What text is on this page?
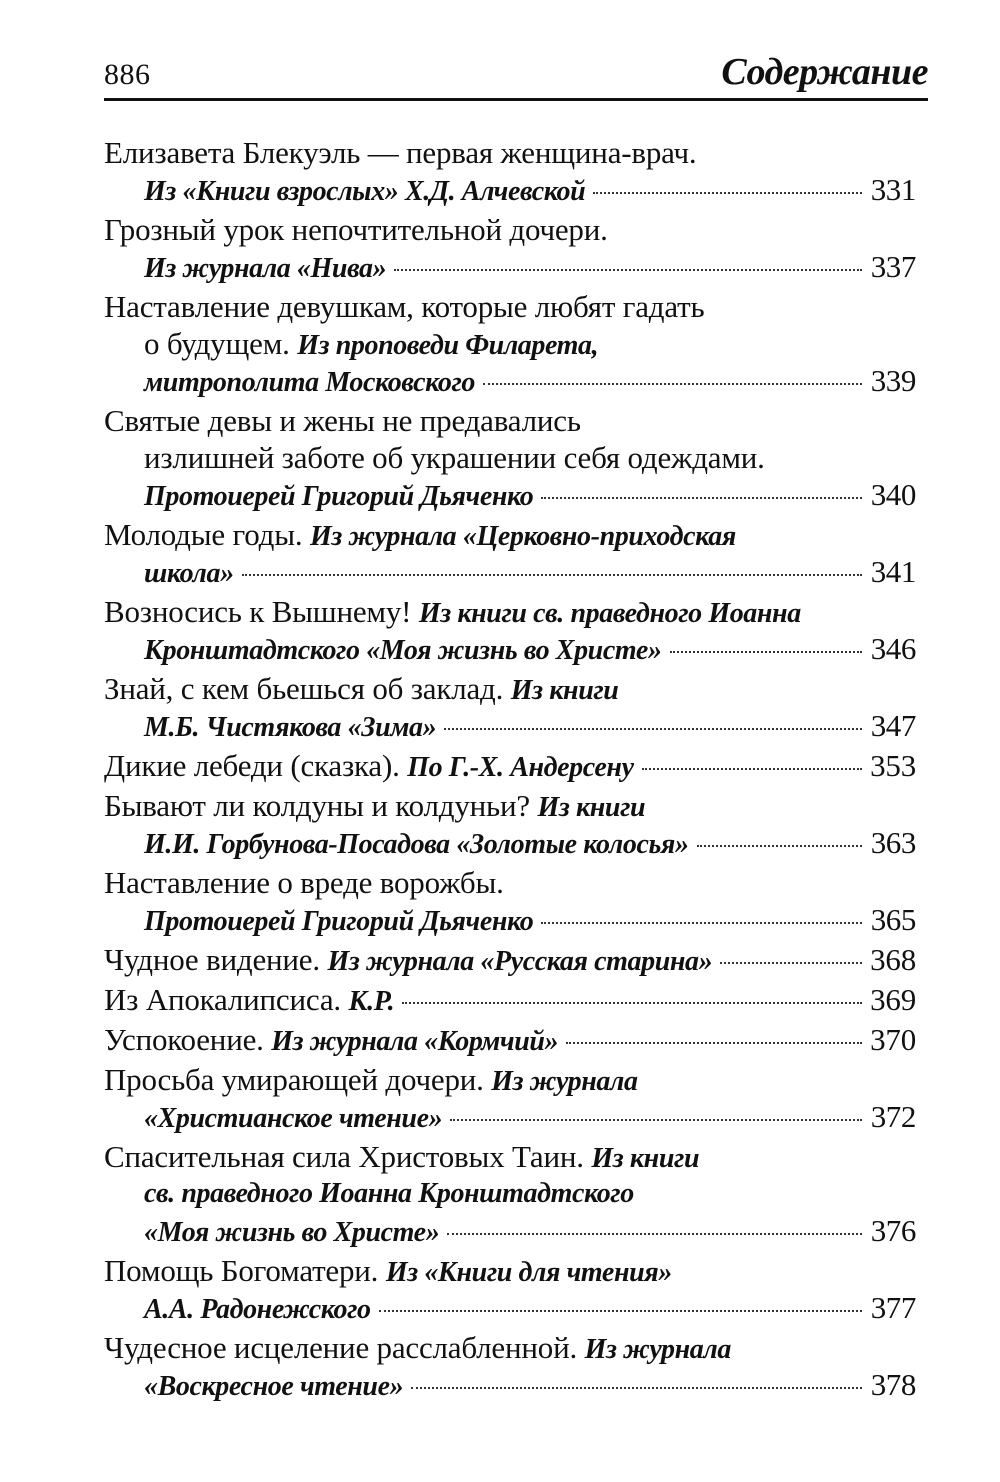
886	Содержание
Елизавета Блекуэль — первая женщина-врач.
Из «Книги взрослых» Х.Д. Алчевской	331
Грозный урок непочтительной дочери.
Из журнала «Нива»	337
Наставление девушкам, которые любят гадать
о будущем.
Из проповеди Филарета,
митрополита Московского	339
Святые девы и жены не предавались
излишней заботе об украшении себя одеждами.
Протоиерей Григорий Дьяченко	340
Молодые годы.
Из журнала «Церковно-приходская
школа»	341
Возносись к Вышнему!
Из книги св. праведного Иоанна
Кронштадтского «Моя жизнь во Христе»	346
Знай, с кем бьешься об заклад.
Из книги
М.Б. Чистякова «Зима»	347
Дикие лебеди (сказка).
По Г.-Х. Андерсену	353
Бывают ли колдуны и колдуньи?
Из книги
И.И. Горбунова-Посадова «Золотые колосья»	363
Наставление о вреде ворожбы.
Протоиерей Григорий Дьяченко	365
Чудное видение.
Из журнала «Русская старина»	368
Из Апокалипсиса.
К.Р.	369
Успокоение.
Из журнала «Кормчий»	370
Просьба умирающей дочери.
Из журнала
«Христианское чтение»	372
Спасительная сила Христовых Таин.
Из книги
св. праведного Иоанна Кронштадтского
«Моя жизнь во Христе»	376
Помощь Богоматери.
Из «Книги для чтения»
А.А. Радонежского	377
Чудесное исцеление расслабленной.
Из журнала
«Воскресное чтение»	378
